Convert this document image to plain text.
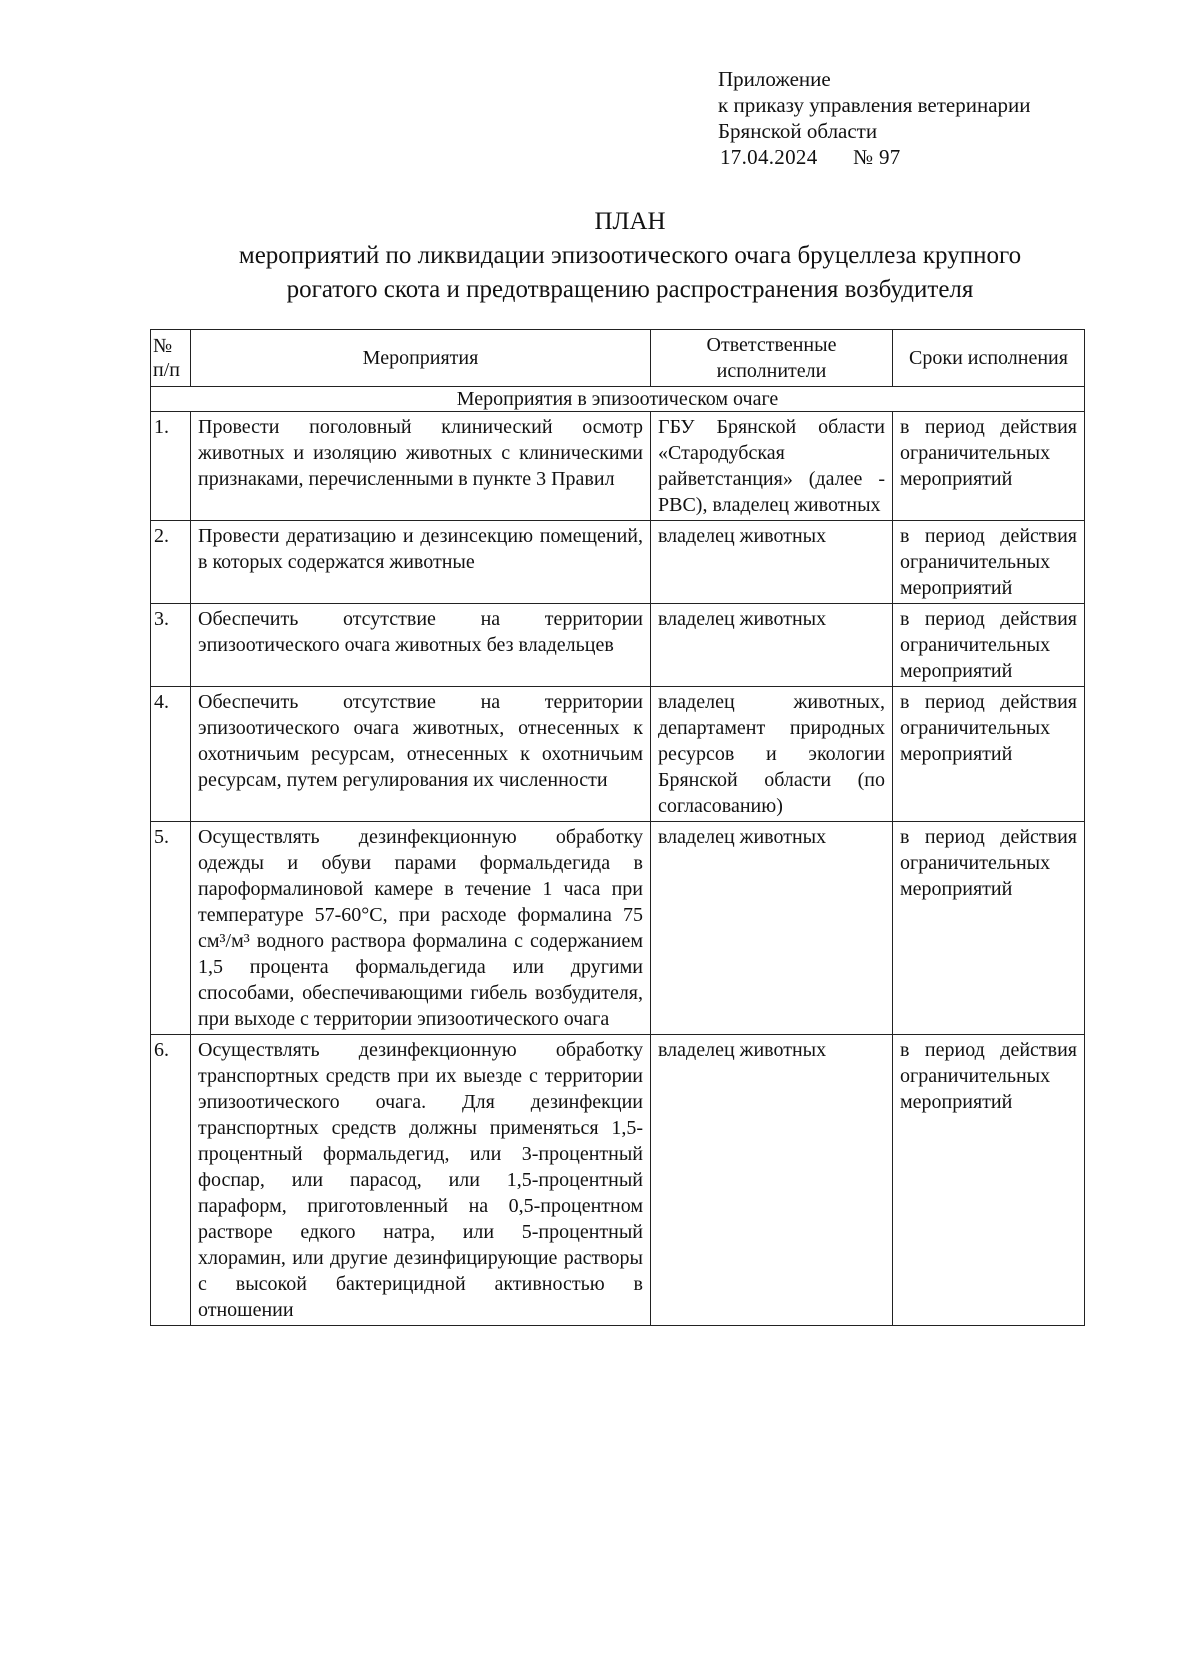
Приложение
к приказу управления ветеринарии
Брянской области
17.04.2024 № 97
ПЛАН
мероприятий по ликвидации эпизоотического очага бруцеллеза крупного
рогатого скота и предотвращению распространения возбудителя
№ п/п	Мероприятия	Ответственные исполнители	Сроки исполнения
Мероприятия в эпизоотическом очаге			
1.	Провести поголовный клинический осмотр животных и изоляцию животных с клиническими признаками, перечисленными в пункте 3 Правил	ГБУ Брянской области «Стародубская райветстанция» (далее - РВС), владелец животных	в период действия ограничительных мероприятий
2.	Провести дератизацию и дезинсекцию помещений, в которых содержатся животные	владелец животных	в период действия ограничительных мероприятий
3.	Обеспечить отсутствие на территории эпизоотического очага животных без владельцев	владелец животных	в период действия ограничительных мероприятий
4.	Обеспечить отсутствие на территории эпизоотического очага животных, отнесенных к охотничьим ресурсам, отнесенных к охотничьим ресурсам, путем регулирования их численности	владелец животных, департамент природных ресурсов и экологии Брянской области (по согласованию)	в период действия ограничительных мероприятий
5.	Осуществлять дезинфекционную обработку одежды и обуви парами формальдегида в пароформалиновой камере в течение 1 часа при температуре 57-60°С, при расходе формалина 75 см³/м³ водного раствора формалина с содержанием 1,5 процента формальдегида или другими способами, обеспечивающими гибель возбудителя, при выходе с территории эпизоотического очага	владелец животных	в период действия ограничительных мероприятий
6.	Осуществлять дезинфекционную обработку транспортных средств при их выезде с территории эпизоотического очага. Для дезинфекции транспортных средств должны применяться 1,5-процентный формальдегид, или 3-процентный фоспар, или парасод, или 1,5-процентный параформ, приготовленный на 0,5-процентном растворе едкого натра, или 5-процентный хлорамин, или другие дезинфицирующие растворы с высокой бактерицидной активностью в отношении	владелец животных	в период действия ограничительных мероприятий
